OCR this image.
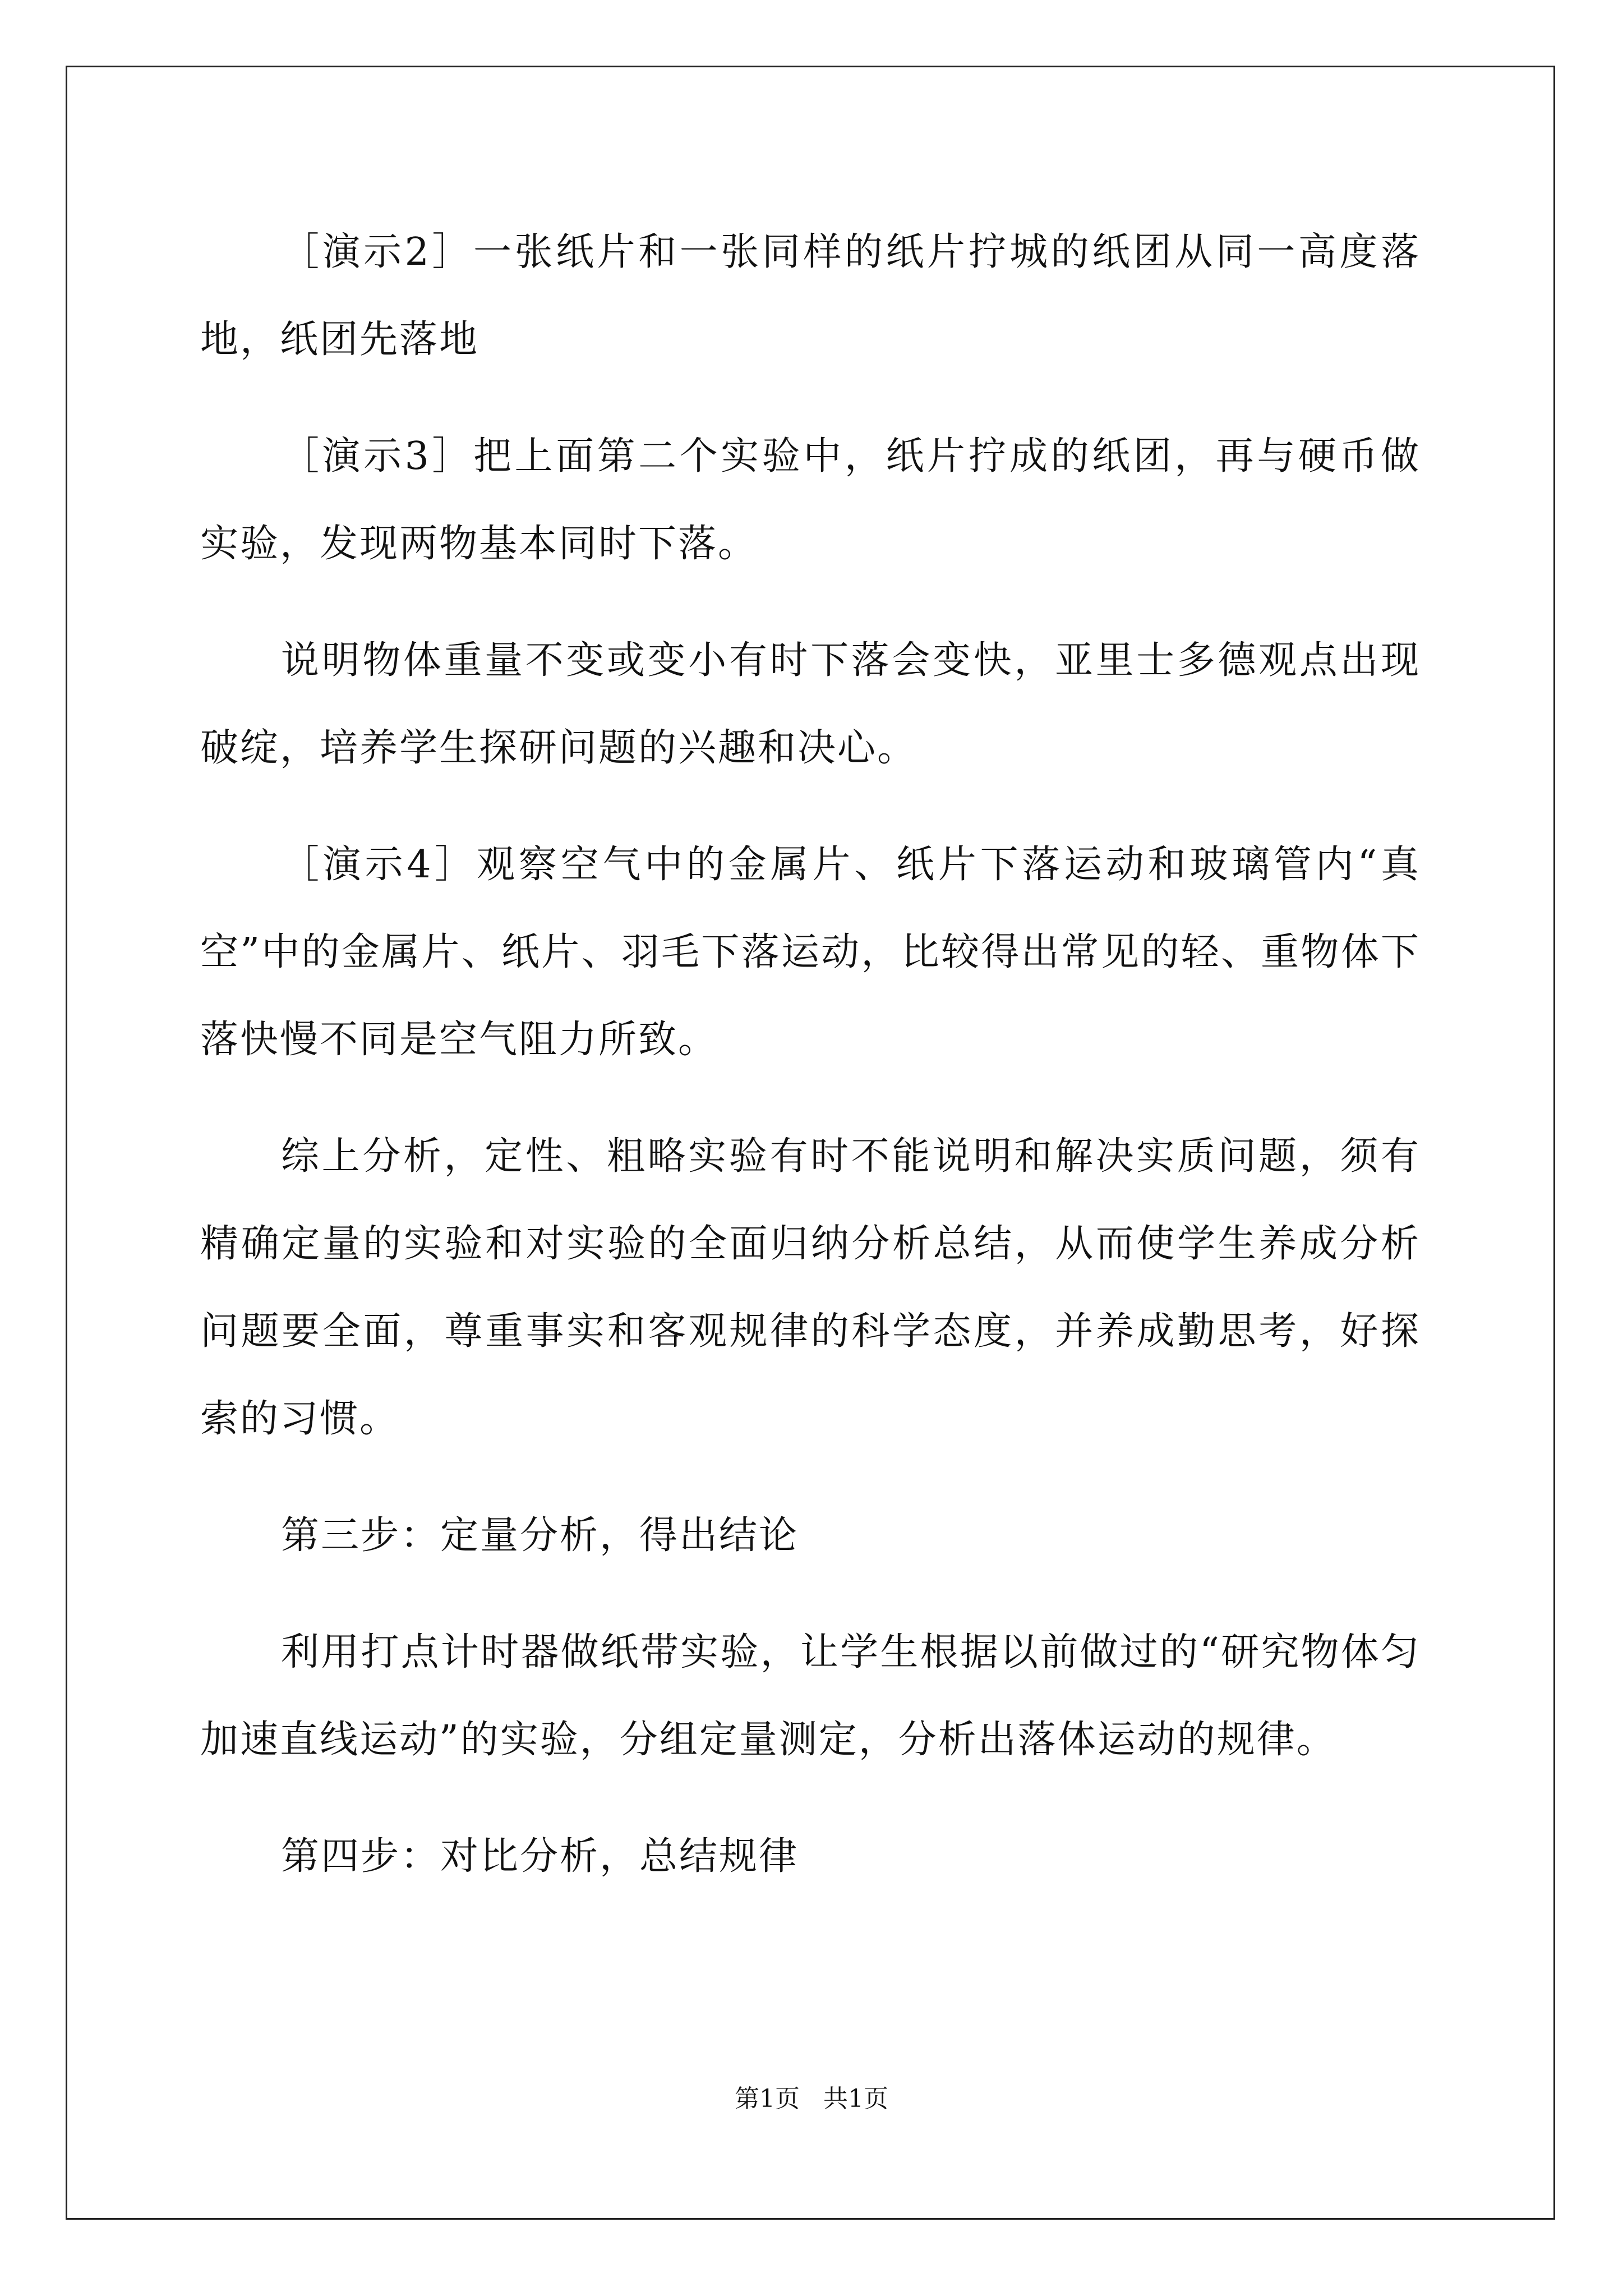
［演示2］一张纸片和一张同样的纸片拧城的纸团从同一高度落地，纸团先落地

［演示3］把上面第二个实验中，纸片拧成的纸团，再与硬币做实验，发现两物基本同时下落。

说明物体重量不变或变小有时下落会变快，亚里士多德观点出现破绽，培养学生探研问题的兴趣和决心。

［演示4］观察空气中的金属片、纸片下落运动和玻璃管内“真空”中的金属片、纸片、羽毛下落运动，比较得出常见的轻、重物体下落快慢不同是空气阻力所致。

综上分析，定性、粗略实验有时不能说明和解决实质问题，须有精确定量的实验和对实验的全面归纳分析总结，从而使学生养成分析问题要全面，尊重事实和客观规律的科学态度，并养成勤思考，好探索的习惯。

第三步：定量分析，得出结论

利用打点计时器做纸带实验，让学生根据以前做过的“研究物体匀加速直线运动”的实验，分组定量测定，分析出落体运动的规律。

第四步：对比分析，总结规律

第1页   共1页
